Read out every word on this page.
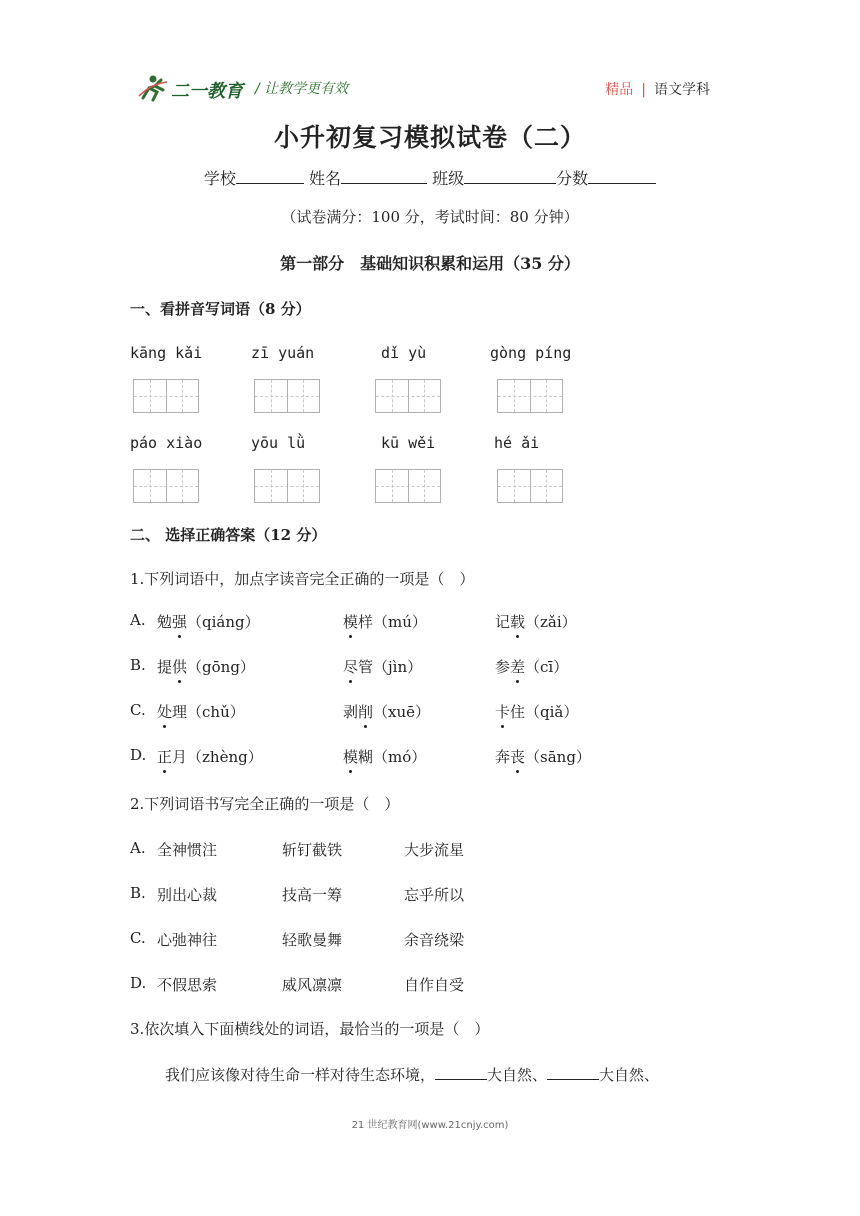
二一教育 / 让教学更有效	精品 | 语文学科
小升初复习模拟试卷（二）
学校	姓名	班级	分数
（试卷满分：100 分，考试时间：80 分钟）
第一部分　基础知识积累和运用（35 分）
一、看拼音写词语（8 分）
kāng kǎi	zī yuán	dǐ yù	gòng píng
páo xiào	yōu lǜ	kū wěi	hé ǎi
二、 选择正确答案（12 分）
1.下列词语中，加点字读音完全正确的一项是（　）
A. 勉强（qiáng）	模样（mú）	记载（zǎi）
B. 提供（gōng）	尽管（jìn）	参差（cī）
C. 处理（chǔ）	剥削（xuē）	卡住（qiǎ）
D. 正月（zhèng）	模糊（mó）	奔丧（sāng）
2.下列词语书写完全正确的一项是（　）
A. 全神惯注	斩钉截铁	大步流星
B. 别出心裁	技高一筹	忘乎所以
C. 心弛神往	轻歌曼舞	余音绕梁
D. 不假思索	威风凛凛	自作自受
3.依次填入下面横线处的词语，最恰当的一项是（　）
我们应该像对待生命一样对待生态环境，	大自然、	大自然、
21 世纪教育网(www.21cnjy.com)
